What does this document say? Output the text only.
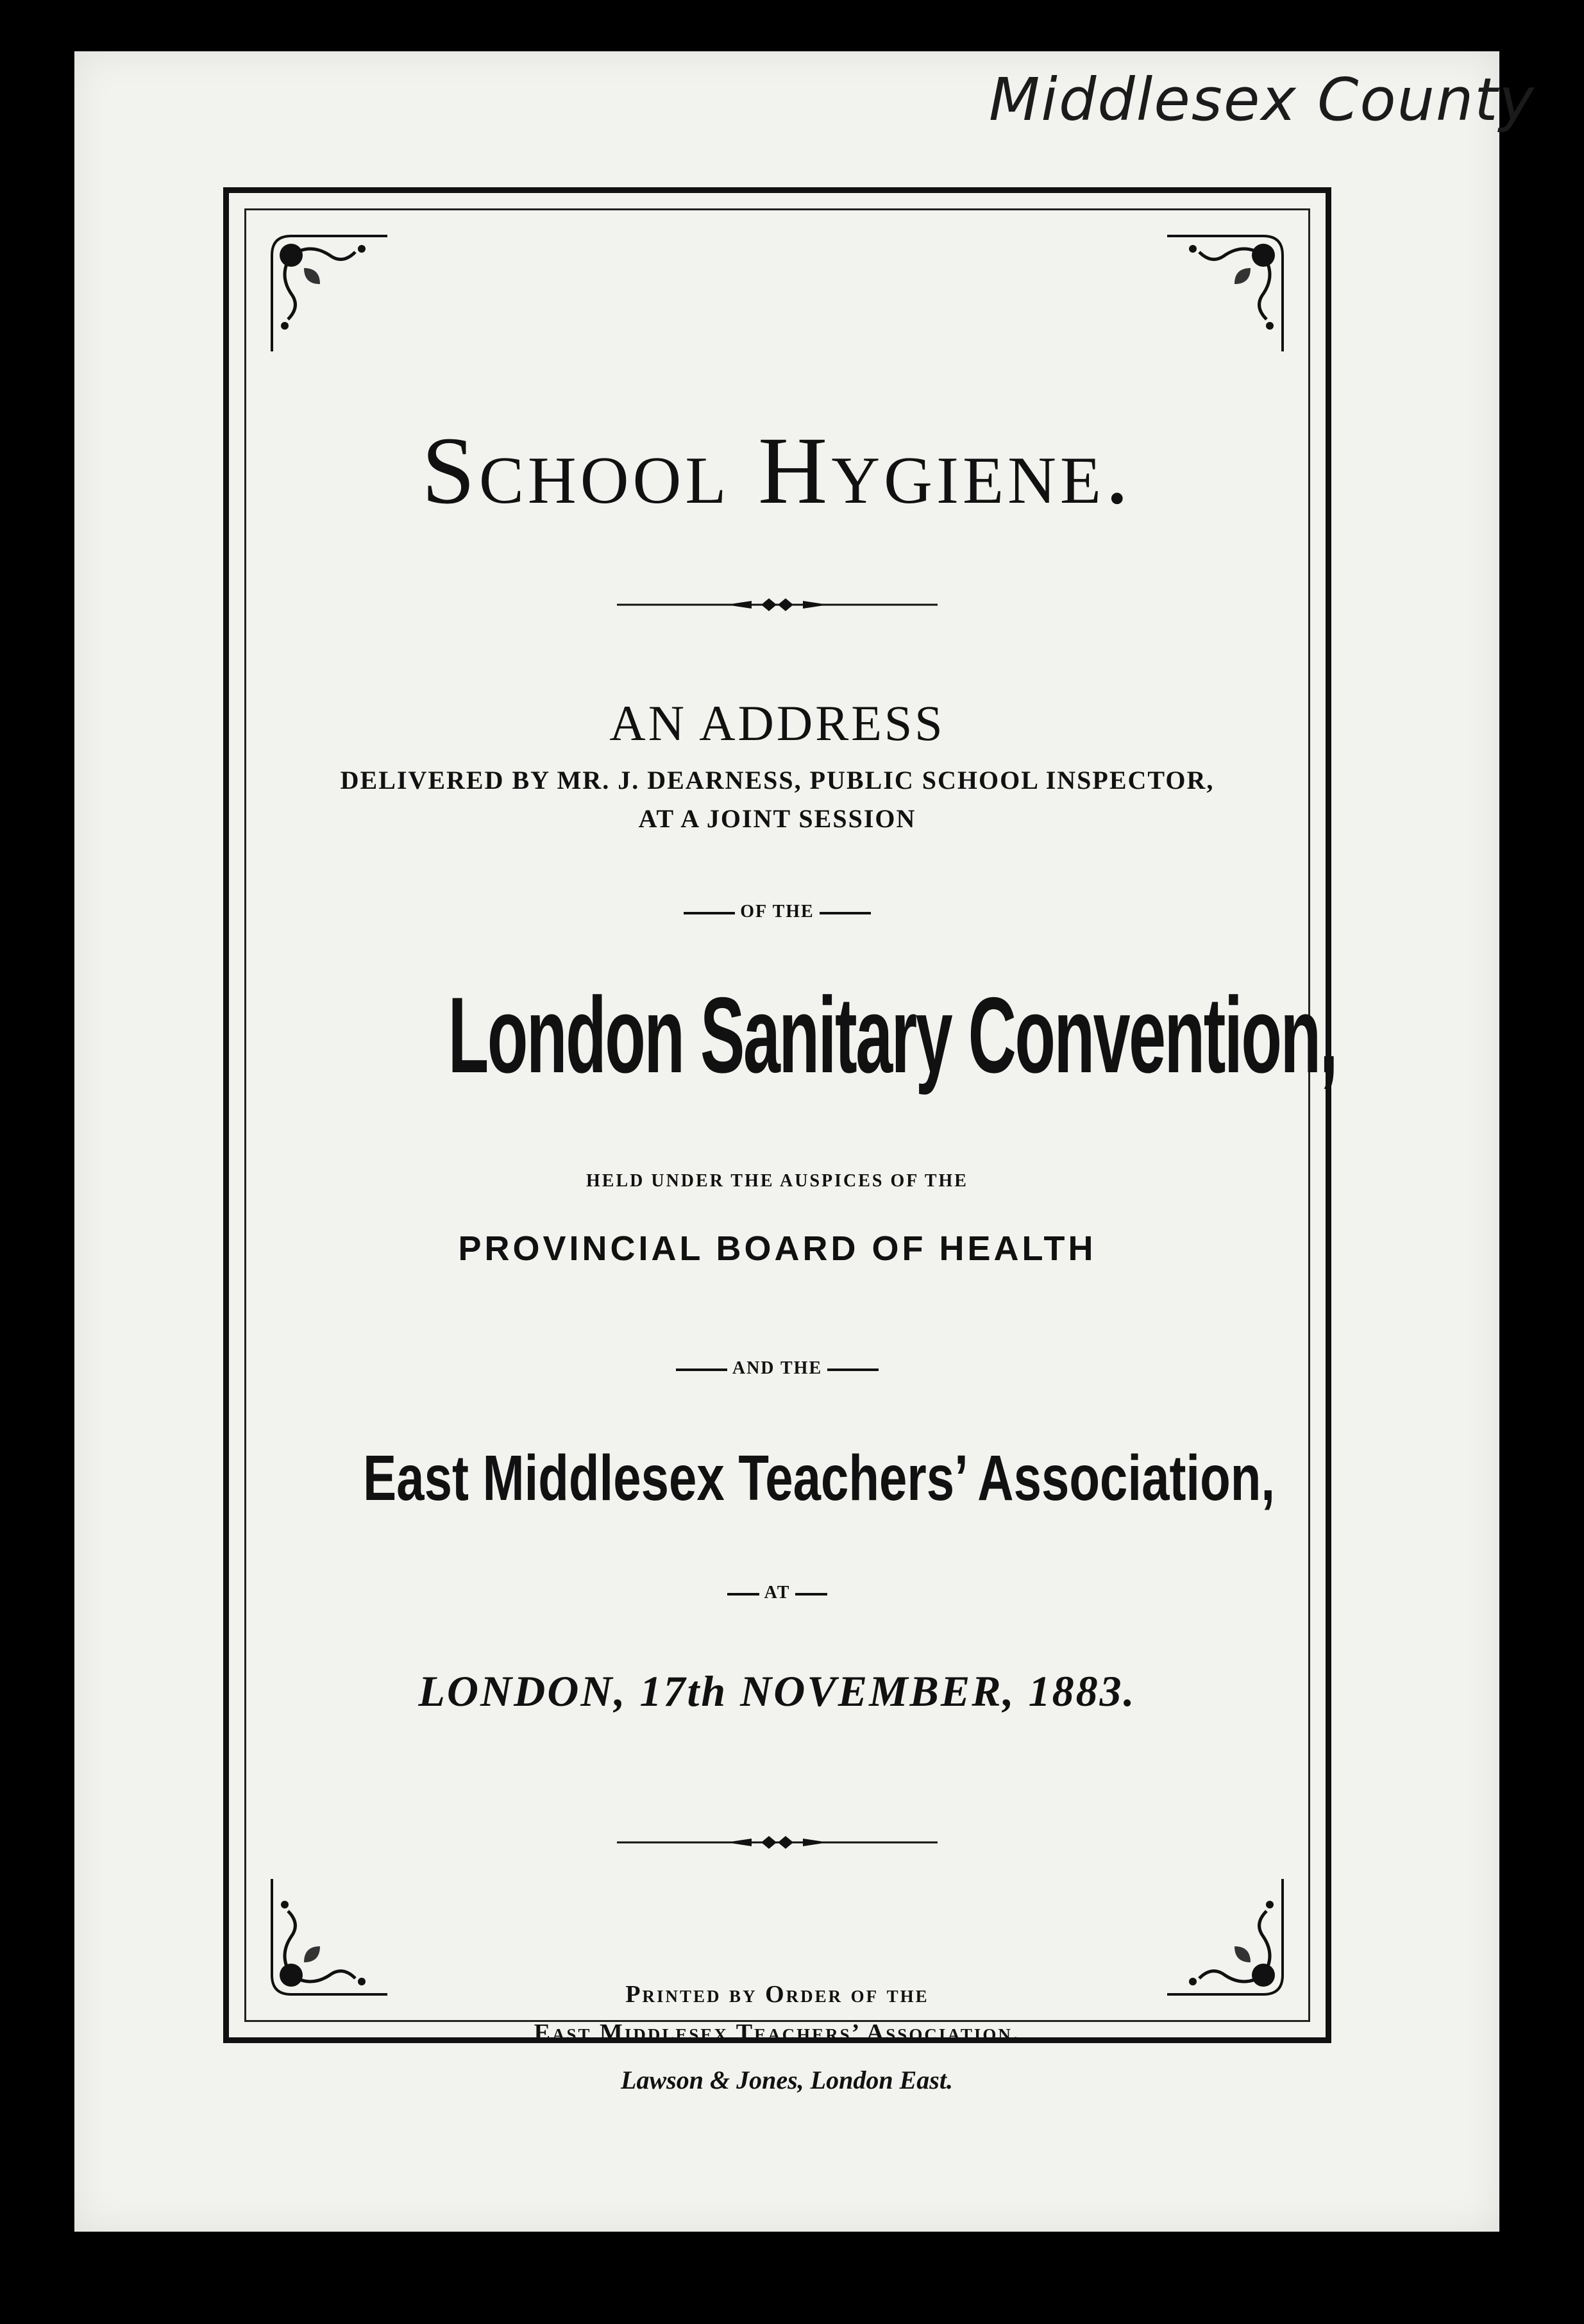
Middlesex County
School Hygiene.
AN ADDRESS
DELIVERED BY MR. J. DEARNESS, PUBLIC SCHOOL INSPECTOR,
AT A JOINT SESSION
OF THE
London Sanitary Convention,
HELD UNDER THE AUSPICES OF THE
PROVINCIAL BOARD OF HEALTH
AND THE
East Middlesex Teachers’ Association,
AT
LONDON, 17th NOVEMBER, 1883.
Printed by Order of the
East Middlesex Teachers’ Association.
Lawson & Jones, London East.
